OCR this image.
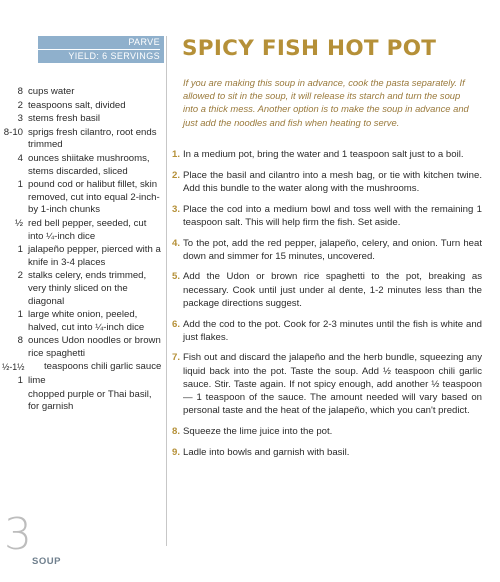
PARVE
YIELD: 6 SERVINGS
8 cups water
2 teaspoons salt, divided
3 stems fresh basil
8-10 sprigs fresh cilantro, root ends trimmed
4 ounces shiitake mushrooms, stems discarded, sliced
1 pound cod or halibut fillet, skin removed, cut into equal 2-inch-by 1-inch chunks
½ red bell pepper, seeded, cut into ¼-inch dice
1 jalapeño pepper, pierced with a knife in 3-4 places
2 stalks celery, ends trimmed, very thinly sliced on the diagonal
1 large white onion, peeled, halved, cut into ¼-inch dice
8 ounces Udon noodles or brown rice spaghetti
½-1½	teaspoons chili garlic sauce
1 lime
chopped purple or Thai basil, for garnish
SPICY FISH HOT POT
If you are making this soup in advance, cook the pasta separately. If allowed to sit in the soup, it will release its starch and turn the soup into a thick mess. Another option is to make the soup in advance and just add the noodles and fish when heating to serve.
1. In a medium pot, bring the water and 1 teaspoon salt just to a boil.
2. Place the basil and cilantro into a mesh bag, or tie with kitchen twine. Add this bundle to the water along with the mushrooms.
3. Place the cod into a medium bowl and toss well with the remaining 1 teaspoon salt. This will help firm the fish. Set aside.
4. To the pot, add the red pepper, jalapeño, celery, and onion. Turn heat down and simmer for 15 minutes, uncovered.
5. Add the Udon or brown rice spaghetti to the pot, breaking as necessary. Cook until just under al dente, 1-2 minutes less than the package directions suggest.
6. Add the cod to the pot. Cook for 2-3 minutes until the fish is white and just flakes.
7. Fish out and discard the jalapeño and the herb bundle, squeezing any liquid back into the pot. Taste the soup. Add ½ teaspoon chili garlic sauce. Stir. Taste again. If not spicy enough, add another ½ teaspoon — 1 teaspoon of the sauce. The amount needed will vary based on personal taste and the heat of the jalapeño, which you can't predict.
8. Squeeze the lime juice into the pot.
9. Ladle into bowls and garnish with basil.
3
SOUP
